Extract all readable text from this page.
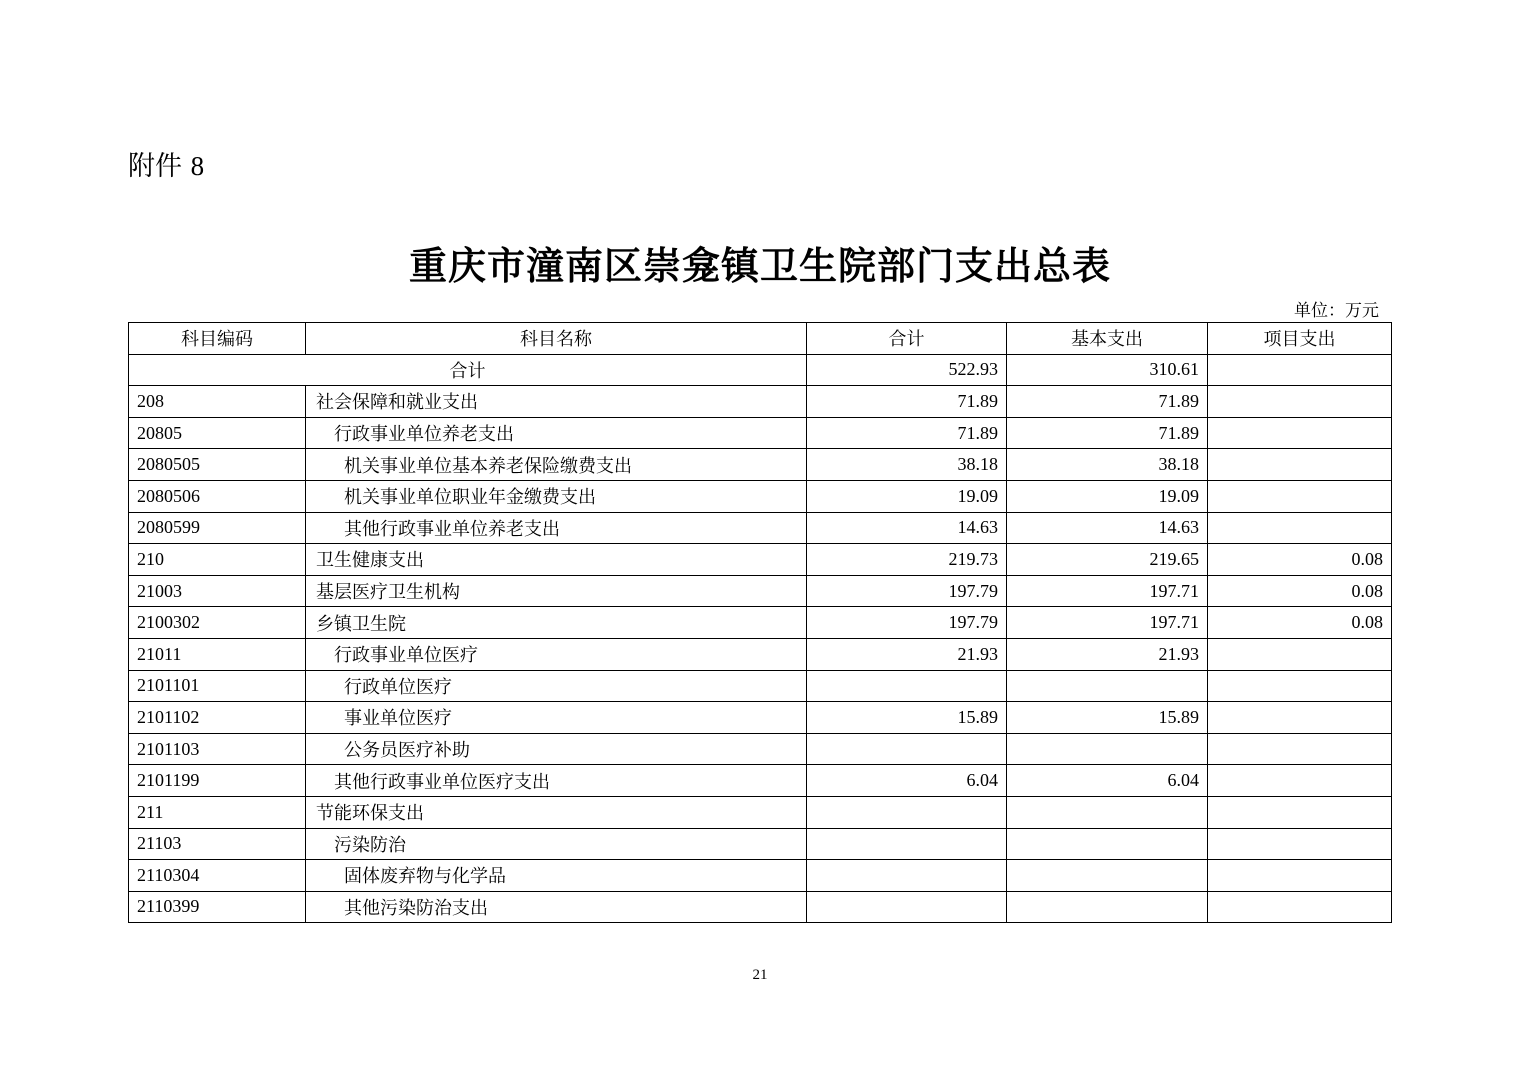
附件 8
重庆市潼南区崇龛镇卫生院部门支出总表
单位：万元
科目编码	科目名称	合计	基本支出	项目支出
合计		522.93	310.61	
208	社会保障和就业支出	71.89	71.89	
20805	行政事业单位养老支出	71.89	71.89	
2080505	机关事业单位基本养老保险缴费支出	38.18	38.18	
2080506	机关事业单位职业年金缴费支出	19.09	19.09	
2080599	其他行政事业单位养老支出	14.63	14.63	
210	卫生健康支出	219.73	219.65	0.08
21003	基层医疗卫生机构	197.79	197.71	0.08
2100302	乡镇卫生院	197.79	197.71	0.08
21011	行政事业单位医疗	21.93	21.93	
2101101	行政单位医疗			
2101102	事业单位医疗	15.89	15.89	
2101103	公务员医疗补助			
2101199	其他行政事业单位医疗支出	6.04	6.04	
211	节能环保支出			
21103	污染防治			
2110304	固体废弃物与化学品			
2110399	其他污染防治支出			
21
